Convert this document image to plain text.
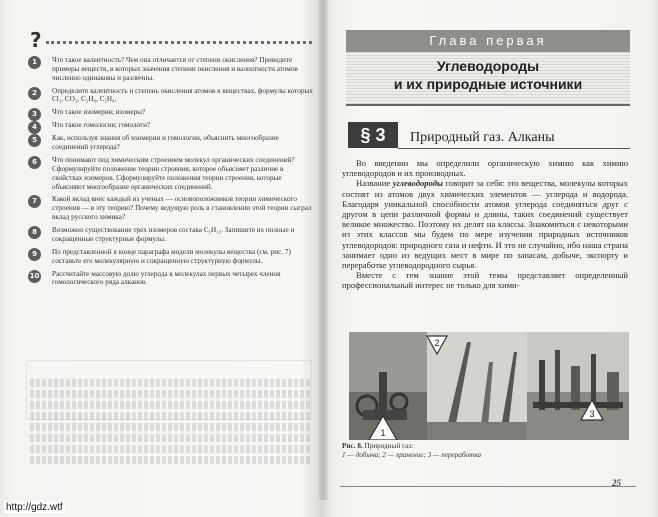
?
1	Что такое валентность? Чем она отличается от степени окисления? Приведите примеры веществ, в которых значения степени окисления и валентности атомов численно одинаковы и различны.
2	Определите валентность и степень окисления атомов в веществах, формулы которых Cl₂, CO₂, C₂H₆, C₂H₄.
3	Что такое изомерия; изомеры?
4	Что такое гомология; гомологи?
5	Как, используя знания об изомерии и гомологии, объяснить многообразие соединений углерода?
6	Что понимают под химическим строением молекул органических соединений? Сформулируйте положение теории строения, которое объясняет различие в свойствах изомеров. Сформулируйте положения теории строения, которые объясняют многообразие органических соединений.
7	Какой вклад внес каждый из ученых — основоположников теории химического строения — в эту теорию? Почему ведущую роль в становлении этой теории сыграл вклад русского химика?
8	Возможно существование трех изомеров состава C₅H₁₂. Запишите их полные и сокращенные структурные формулы.
9	По представленной в конце параграфа модели молекулы вещества (см. рис. 7) составьте его молекулярную и сокращенную структурную формулы.
10 Рассчитайте массовую долю углерода в молекулах первых четырех членов гомологического ряда алканов.
Глава первая
Углеводороды
и их природные источники
§ 3	Природный газ. Алканы

Во введении мы определили органическую химию как химию углеводородов и их производных.

Название углеводороды говорит за себя: это вещества, молекулы которых состоят из атомов двух химических элементов — углерода и водорода. Благодаря уникальной способности атомов углерода соединяться друг с другом в цепи различной формы и длины, таких соединений существует великое множество. Поэтому их делят на классы. Знакомиться с некоторыми из этих классов мы будем по мере изучения природных источников углеводородов: природного газа и нефти. И это не случайно, ибо наша страна занимает одно из ведущих мест в мире по запасам, добыче, экспорту и переработке углеводородного сырья.

Вместе с тем знание этой темы представляет определенный профессиональный интерес не только для хими-

1
2
3
Рис. 8. Природный газ:
1 — добыча; 2 — хранение; 3 — переработка
25
http://gdz.wtf
